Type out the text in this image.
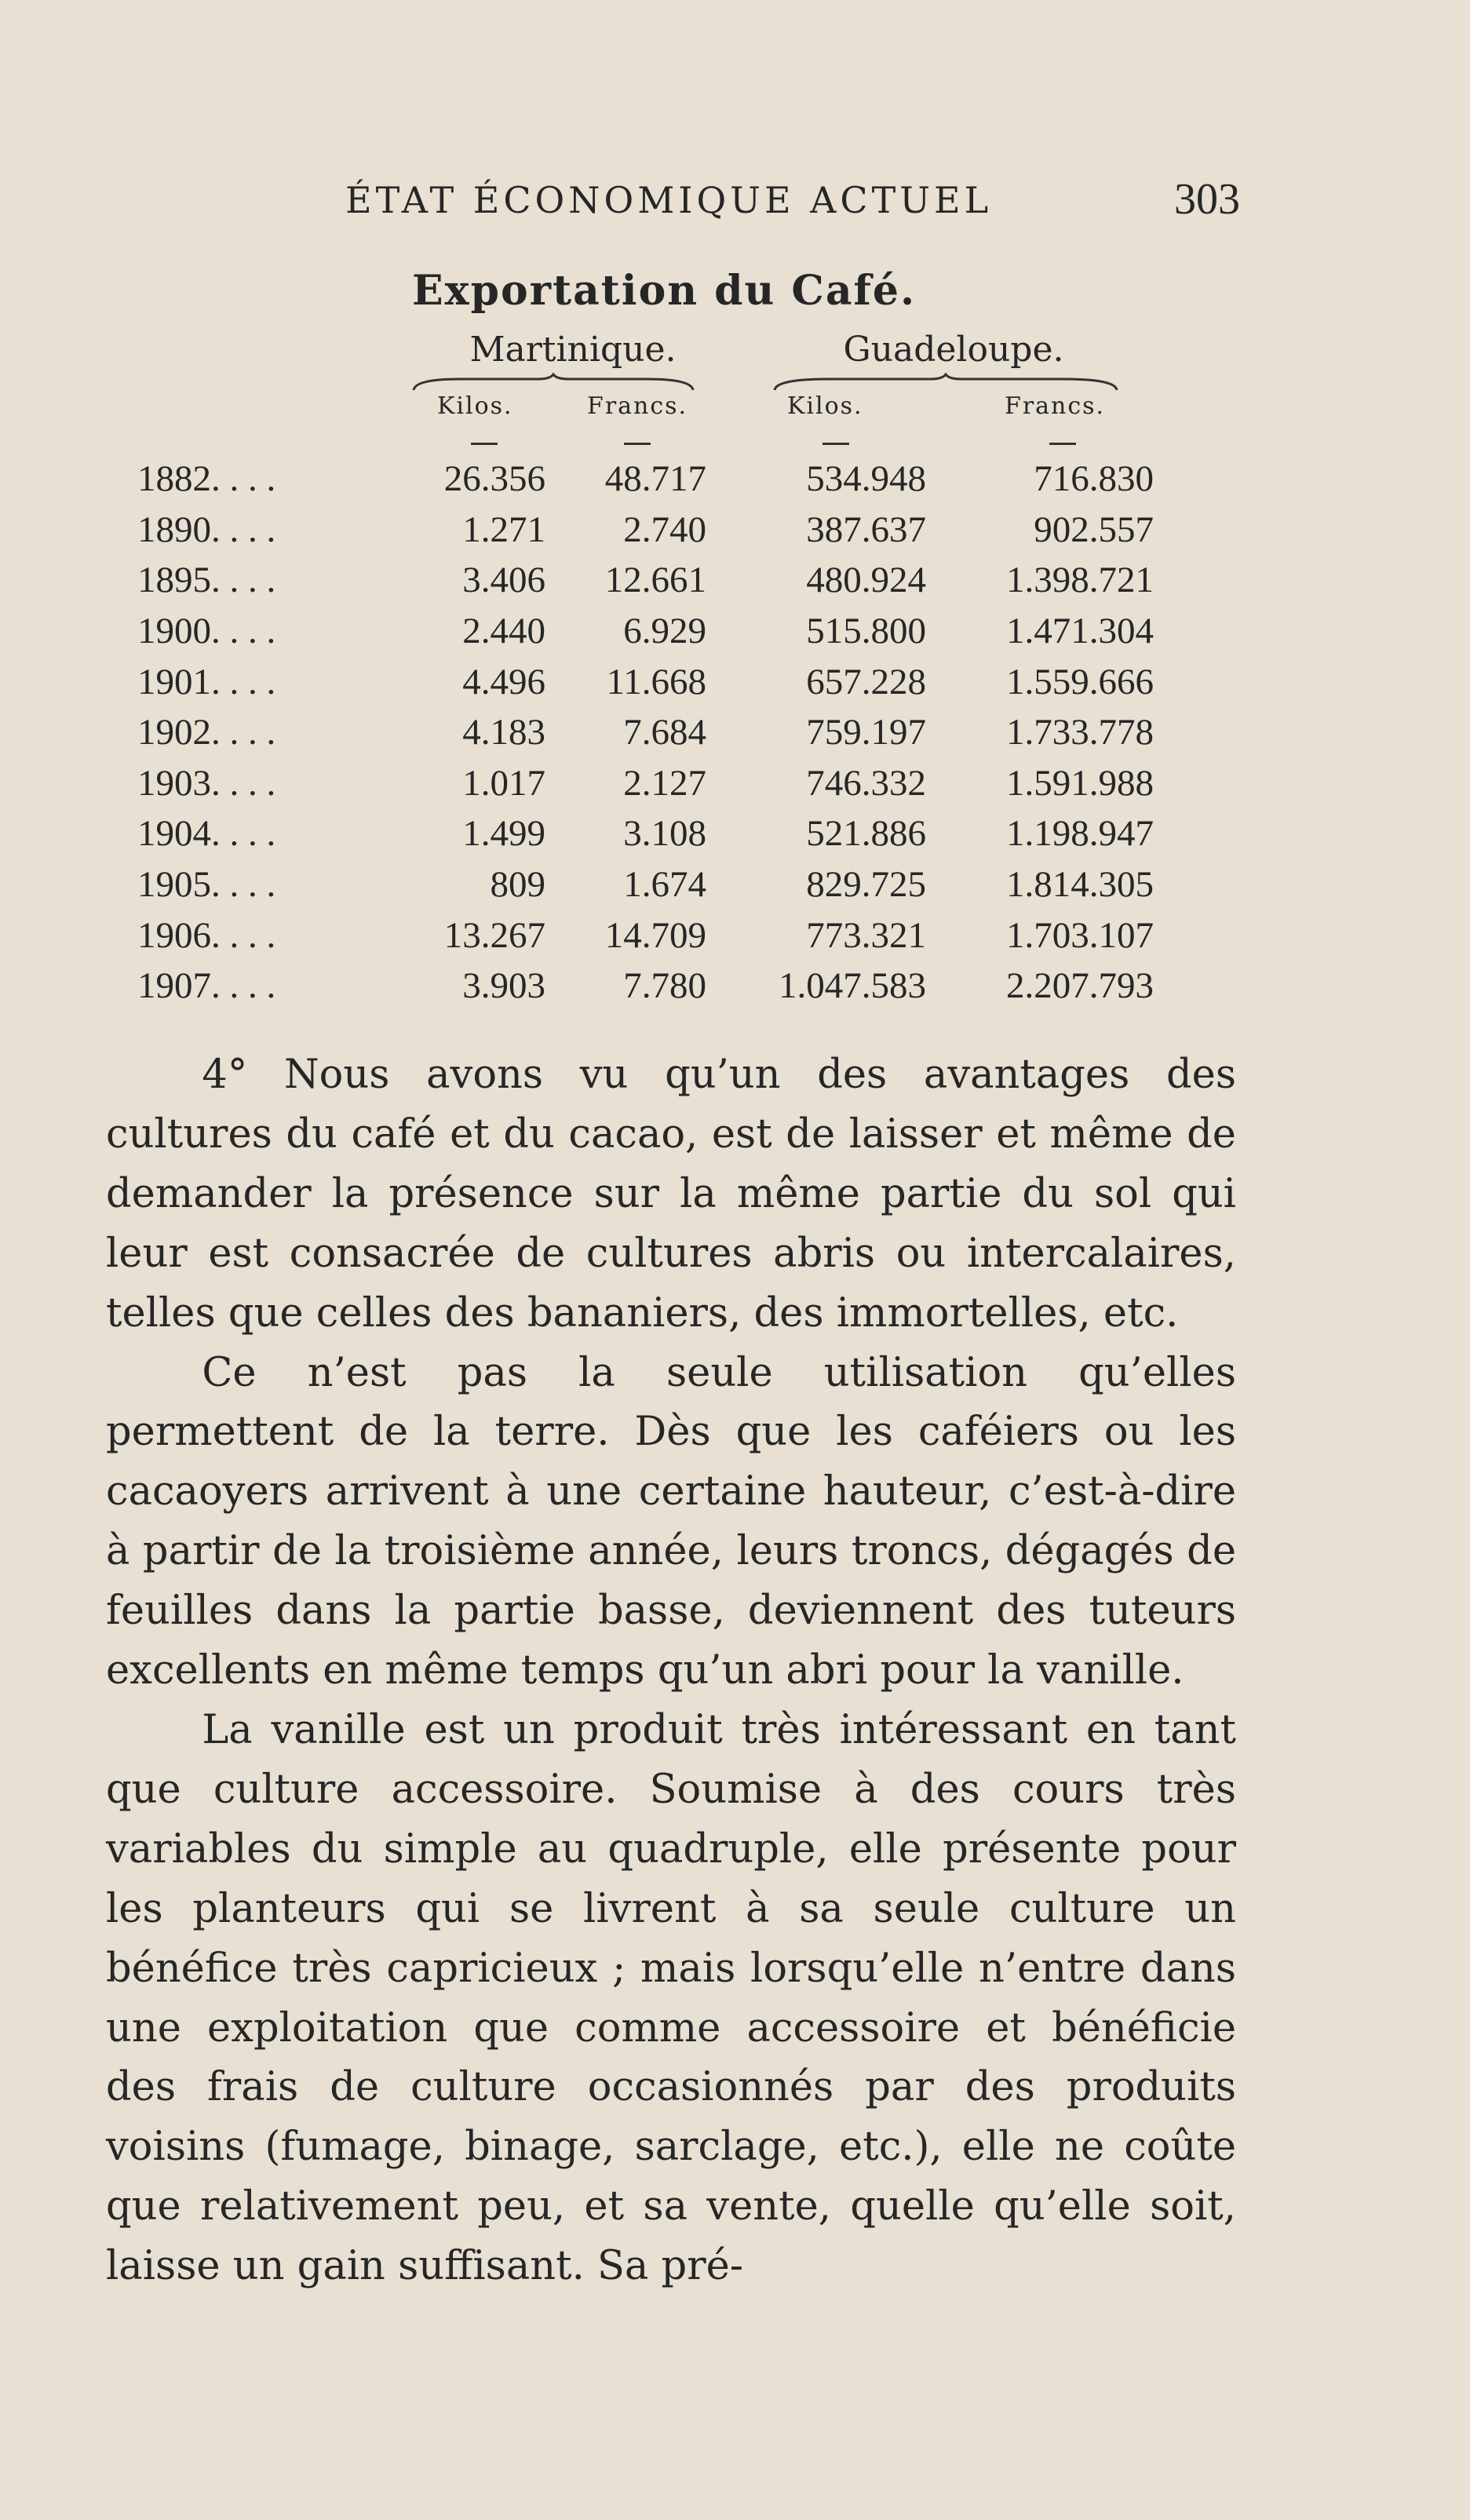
ÉTAT ÉCONOMIQUE ACTUEL	303
Exportation du Café.
Martinique.	Guadeloupe.
Kilos.	Francs.	Kilos.	Francs.
1882. . . .	26.356	48.717	534.948	716.830
1890. . . .	1.271	2.740	387.637	902.557
1895. . . .	3.406	12.661	480.924	1.398.721
1900. . . .	2.440	6.929	515.800	1.471.304
1901. . . .	4.496	11.668	657.228	1.559.666
1902. . . .	4.183	7.684	759.197	1.733.778
1903. . . .	1.017	2.127	746.332	1.591.988
1904. . . .	1.499	3.108	521.886	1.198.947
1905. . . .	809	1.674	829.725	1.814.305
1906. . . .	13.267	14.709	773.321	1.703.107
1907. . . .	3.903	7.780	1.047.583	2.207.793

4° Nous avons vu qu’un des avantages des cultures du café et du cacao, est de laisser et même de demander la présence sur la même partie du sol qui leur est consacrée de cultures abris ou intercalaires, telles que celles des bananiers, des immortelles, etc.

Ce n’est pas la seule utilisation qu’elles permettent de la terre. Dès que les caféiers ou les cacaoyers arrivent à une certaine hauteur, c’est-à-dire à partir de la troisième année, leurs troncs, dégagés de feuilles dans la partie basse, deviennent des tuteurs excellents en même temps qu’un abri pour la vanille.

La vanille est un produit très intéressant en tant que culture accessoire. Soumise à des cours très variables du simple au quadruple, elle présente pour les planteurs qui se livrent à sa seule culture un bénéfice très capricieux ; mais lorsqu’elle n’entre dans une exploitation que comme accessoire et bénéficie des frais de culture occasionnés par des produits voisins (fumage, binage, sarclage, etc.), elle ne coûte que relativement peu, et sa vente, quelle qu’elle soit, laisse un gain suffisant. Sa pré-
